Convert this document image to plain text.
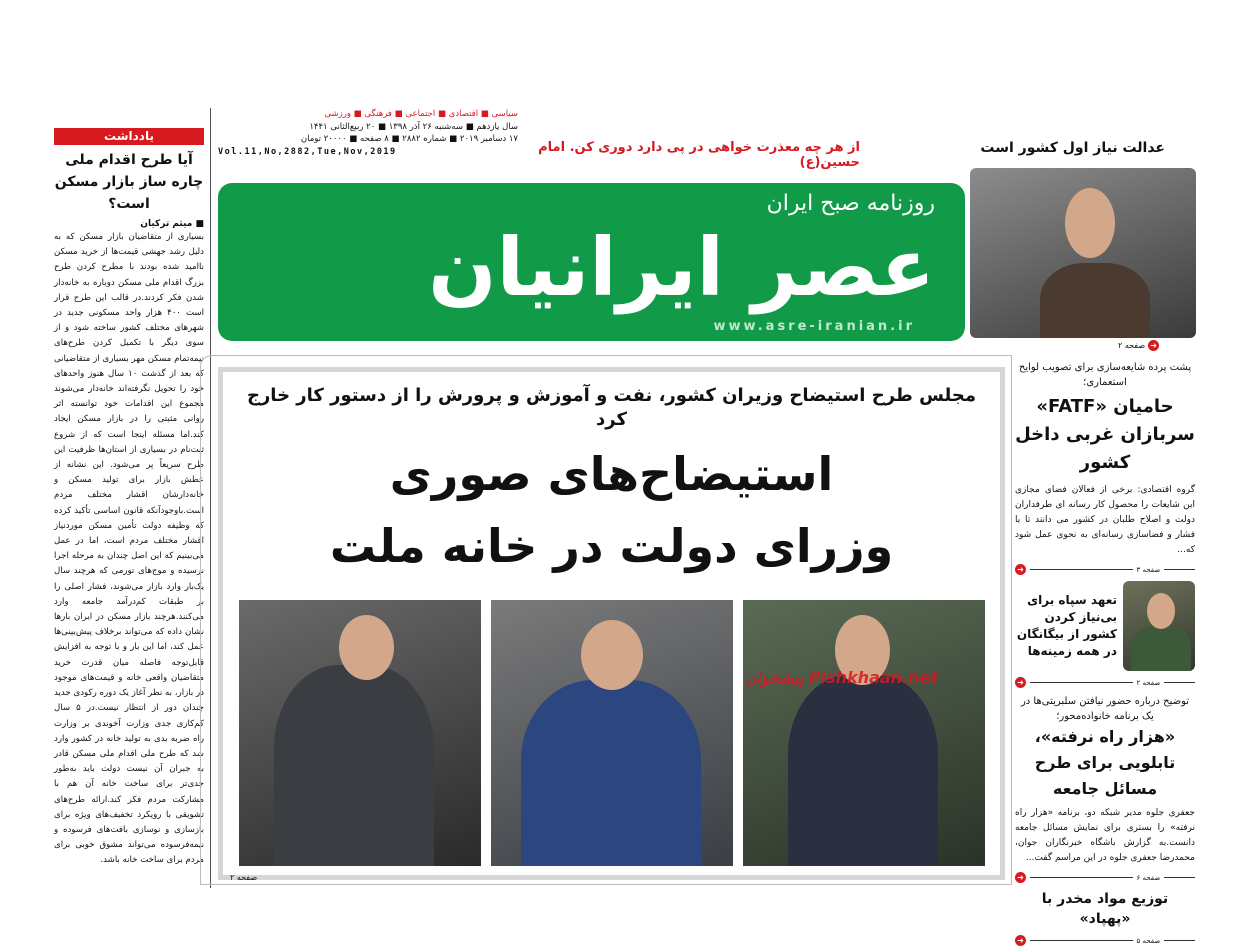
یادداشت
آیا طرح اقدام ملی چاره ساز بازار مسکن است؟
■ میثم ترکیان
بسیاری از متقاضیان بازار مسکن که به دلیل رشد جهشی قیمت‌ها از خرید مسکن ناامید شده بودند با مطرح کردن طرح بزرگ اقدام ملی مسکن دوباره به خانه‌دار شدن فکر کردند.در قالب این طرح قرار است ۴۰۰ هزار واحد مسکونی جدید در شهرهای مختلف کشور ساخته شود و از سوی دیگر با تکمیل کردن طرح‌های نیمه‌تمام مسکن مهر بسیاری از متقاضیانی که بعد از گذشت ۱۰ سال هنوز واحدهای خود را تحویل نگرفته‌اند خانه‌دار می‌شوند مجموع این اقدامات خود توانسته اثر روانی مثبتی را در بازار مسکن ایجاد کند.اما مسئله اینجا است که از شروع ثبت‌نام در بسیاری از استان‌ها ظرفیت این طرح سریعاً پر می‌شود. این نشانه از عطش بازار برای تولید مسکن و خانه‌دارشان اقشار مختلف مردم است.باوجودآنکه قانون اساسی تأکید کرده که وظیفه دولت تأمین مسکن موردنیاز اقشار مختلف مردم است، اما در عمل می‌بینیم که این اصل چندان به مرحله اجرا نرسیده و موج‌های تورمی که هرچند سال یک‌بار وارد بازار می‌شوند، فشار اصلی را بر طبقات کم‌درآمد جامعه وارد می‌کنند.هرچند بازار مسکن در ایران بارها نشان داده که می‌تواند برخلاف پیش‌بینی‌ها عمل کند، اما این بار و با توجه به افزایش قابل‌توجه فاصله میان قدرت خرید متقاضیان واقعی خانه و قیمت‌های موجود در بازار، به نظر آغاز یک دوره رکودی جدید چندان دور از انتظار نیست.در ۵ سال کم‌کاری جدی وزارت آخوندی بر وزارت راه ضربه بدی به تولید خانه در کشور وارد شد که طرح ملی اقدام ملی مسکن قادر به جبران آن نیست دولت باید به‌طور جدی‌تر برای ساخت خانه آن هم با مشارکت مردم فکر کند.ارائه طرح‌های تشویقی با رویکرد تخفیف‌های ویژه برای بازسازی و نوسازی بافت‌های فرسوده و نیمه‌فرسوده می‌تواند مشوق خوبی برای مردم برای ساخت خانه باشد.
سیاسی ■ اقتصادی ■ اجتماعی ■ فرهنگی ■ ورزشی
سال یازدهم ■ سه‌شنبه ۲۶ آذر ۱۳۹۸ ■ ۲۰ ربیع‌الثانی ۱۴۴۱
۱۷ دسامبر ۲۰۱۹ ■ شماره ۲۸۸۲ ■ ۸ صفحه ■ ۲۰۰۰۰ تومان
Vol.11,No,2882,Tue,Nov,2019	از هر چه معذرت خواهی در پی دارد دوری کن. امام حسین(ع)
روزنامه صبح ایران
عصر ایرانیان
www.asre-iranian.ir
عدالت نیاز اول کشور است
➜
صفحه ۲
مجلس طرح استیضاح وزیران کشور، نفت و آموزش و پرورش را از دستور کار خارج کرد
استیضاح‌های صوری
وزرای دولت در خانه ملت
پیشخوان Pishkhaan.net
صفحه ۲
پشت پرده شایعه‌سازی برای تصویب لوایح استعماری؛
حامیان «FATF» سربازان غربی داخل کشور
گروه اقتصادی: برخی از فعالان فضای مجازی این شایعات را محصول کار رسانه ای طرفداران دولت و اصلاح طلبان در کشور می دانند تا با فشار و فضاسازی رسانه‌ای به نحوی عمل شود که...
➜	صفحه ۳
تعهد سپاه برای بی‌نیاز کردن کشور از بیگانگان در همه زمینه‌ها
➜	صفحه ۲
توضیح درباره حضور نیافتن سلبریتی‌ها در یک برنامه خانواده‌محور؛
«هزار راه نرفته»، تابلویی برای طرح مسائل جامعه
جعفری جلوه مدیر شبکه دو، برنامه «هزار راه نرفته» را بستری برای نمایش مسائل جامعه دانست.به گزارش باشگاه خبرنگاران جوان، محمدرضا جعفری جلوه در این مراسم گفت...
➜	صفحه ۶
توزیع مواد مخدر با «پهپاد»
➜	صفحه ۵
